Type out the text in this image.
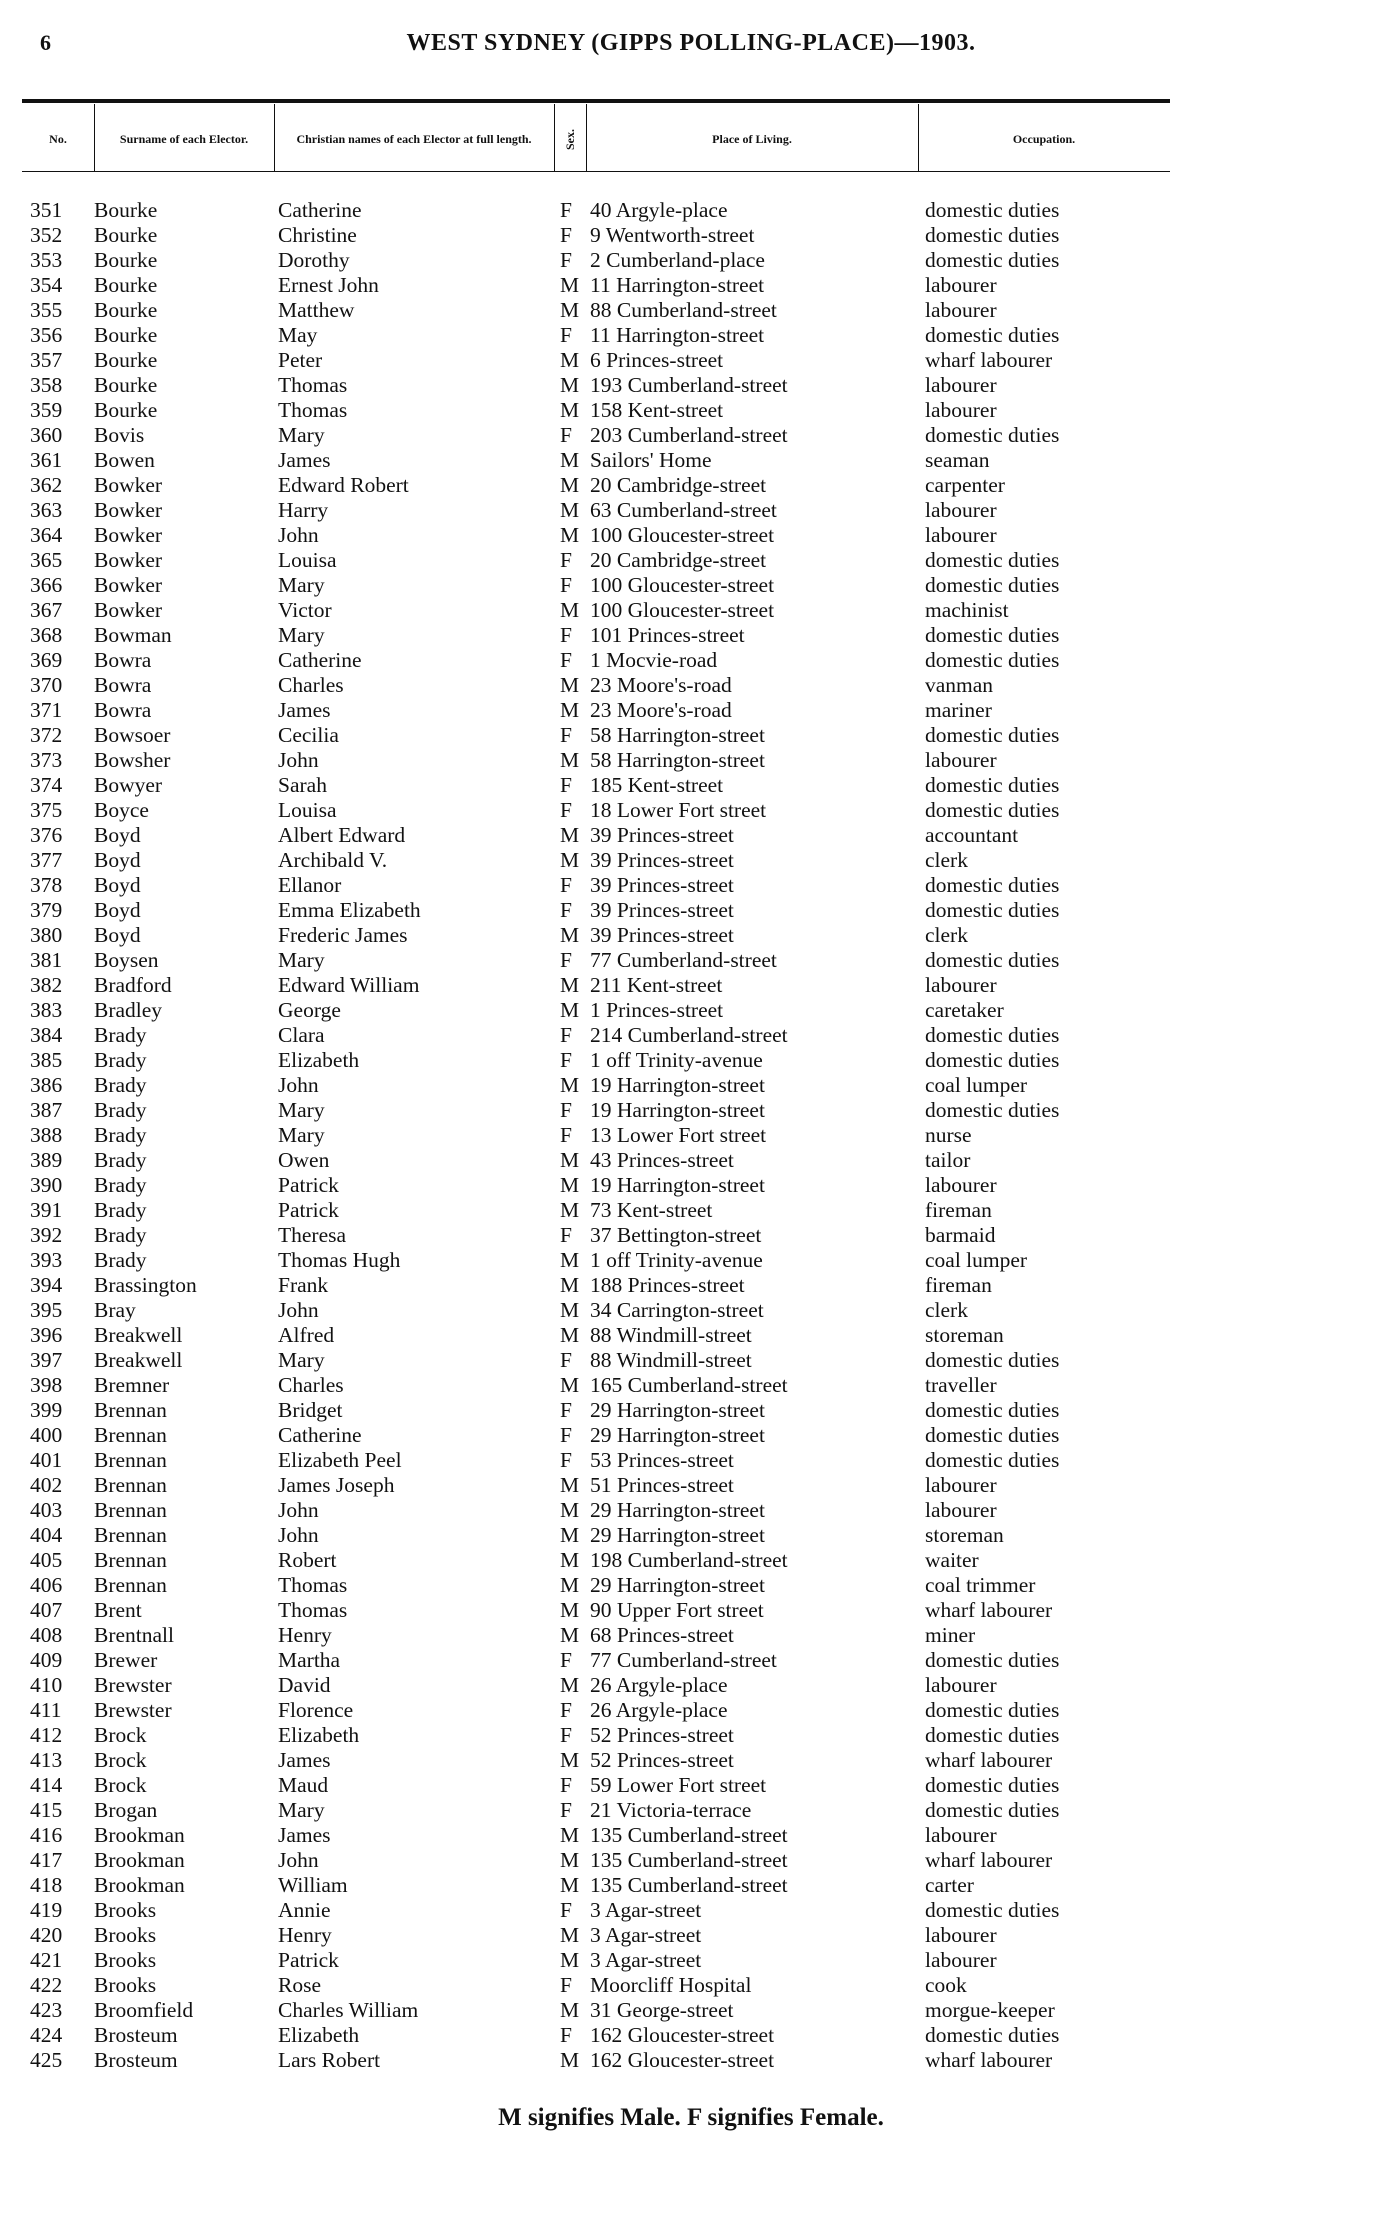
6	WEST SYDNEY (GIPPS POLLING-PLACE)—1903.
No.	Surname of each Elector.	Christian names of each Elector at full length.	Sex.	Place of Living.	Occupation.
351 Bourke	Catherine	F 40 Argyle-place	domestic duties
352 Bourke	Christine	F 9 Wentworth-street	domestic duties
353 Bourke	Dorothy	F 2 Cumberland-place	domestic duties
354 Bourke	Ernest John	M 11 Harrington-street	labourer
355 Bourke	Matthew	M 88 Cumberland-street	labourer
356 Bourke	May	F 11 Harrington-street	domestic duties
357 Bourke	Peter	M 6 Princes-street	wharf labourer
358 Bourke	Thomas	M 193 Cumberland-street	labourer
359 Bourke	Thomas	M 158 Kent-street	labourer
360 Bovis	Mary	F 203 Cumberland-street	domestic duties
361 Bowen	James	M Sailors' Home	seaman
362 Bowker	Edward Robert	M 20 Cambridge-street	carpenter
363 Bowker	Harry	M 63 Cumberland-street	labourer
364 Bowker	John	M 100 Gloucester-street	labourer
365 Bowker	Louisa	F 20 Cambridge-street	domestic duties
366 Bowker	Mary	F 100 Gloucester-street	domestic duties
367 Bowker	Victor	M 100 Gloucester-street	machinist
368 Bowman	Mary	F 101 Princes-street	domestic duties
369 Bowra	Catherine	F 1 Mocvie-road	domestic duties
370 Bowra	Charles	M 23 Moore's-road	vanman
371 Bowra	James	M 23 Moore's-road	mariner
372 Bowsoer	Cecilia	F 58 Harrington-street	domestic duties
373 Bowsher	John	M 58 Harrington-street	labourer
374 Bowyer	Sarah	F 185 Kent-street	domestic duties
375 Boyce	Louisa	F 18 Lower Fort street	domestic duties
376 Boyd	Albert Edward	M 39 Princes-street	accountant
377 Boyd	Archibald V.	M 39 Princes-street	clerk
378 Boyd	Ellanor	F 39 Princes-street	domestic duties
379 Boyd	Emma Elizabeth	F 39 Princes-street	domestic duties
380 Boyd	Frederic James	M 39 Princes-street	clerk
381 Boysen	Mary	F 77 Cumberland-street	domestic duties
382 Bradford	Edward William	M 211 Kent-street	labourer
383 Bradley	George	M 1 Princes-street	caretaker
384 Brady	Clara	F 214 Cumberland-street	domestic duties
385 Brady	Elizabeth	F 1 off Trinity-avenue	domestic duties
386 Brady	John	M 19 Harrington-street	coal lumper
387 Brady	Mary	F 19 Harrington-street	domestic duties
388 Brady	Mary	F 13 Lower Fort street	nurse
389 Brady	Owen	M 43 Princes-street	tailor
390 Brady	Patrick	M 19 Harrington-street	labourer
391 Brady	Patrick	M 73 Kent-street	fireman
392 Brady	Theresa	F 37 Bettington-street	barmaid
393 Brady	Thomas Hugh	M 1 off Trinity-avenue	coal lumper
394 Brassington	Frank	M 188 Princes-street	fireman
395 Bray	John	M 34 Carrington-street	clerk
396 Breakwell	Alfred	M 88 Windmill-street	storeman
397 Breakwell	Mary	F 88 Windmill-street	domestic duties
398 Bremner	Charles	M 165 Cumberland-street	traveller
399 Brennan	Bridget	F 29 Harrington-street	domestic duties
400 Brennan	Catherine	F 29 Harrington-street	domestic duties
401 Brennan	Elizabeth Peel	F 53 Princes-street	domestic duties
402 Brennan	James Joseph	M 51 Princes-street	labourer
403 Brennan	John	M 29 Harrington-street	labourer
404 Brennan	John	M 29 Harrington-street	storeman
405 Brennan	Robert	M 198 Cumberland-street	waiter
406 Brennan	Thomas	M 29 Harrington-street	coal trimmer
407 Brent	Thomas	M 90 Upper Fort street	wharf labourer
408 Brentnall	Henry	M 68 Princes-street	miner
409 Brewer	Martha	F 77 Cumberland-street	domestic duties
410 Brewster	David	M 26 Argyle-place	labourer
411 Brewster	Florence	F 26 Argyle-place	domestic duties
412 Brock	Elizabeth	F 52 Princes-street	domestic duties
413 Brock	James	M 52 Princes-street	wharf labourer
414 Brock	Maud	F 59 Lower Fort street	domestic duties
415 Brogan	Mary	F 21 Victoria-terrace	domestic duties
416 Brookman	James	M 135 Cumberland-street	labourer
417 Brookman	John	M 135 Cumberland-street	wharf labourer
418 Brookman	William	M 135 Cumberland-street	carter
419 Brooks	Annie	F 3 Agar-street	domestic duties
420 Brooks	Henry	M 3 Agar-street	labourer
421 Brooks	Patrick	M 3 Agar-street	labourer
422 Brooks	Rose	F Moorcliff Hospital	cook
423 Broomfield	Charles William	M 31 George-street	morgue-keeper
424 Brosteum	Elizabeth	F 162 Gloucester-street	domestic duties
425 Brosteum	Lars Robert	M 162 Gloucester-street	wharf labourer
M signifies Male. F signifies Female.
